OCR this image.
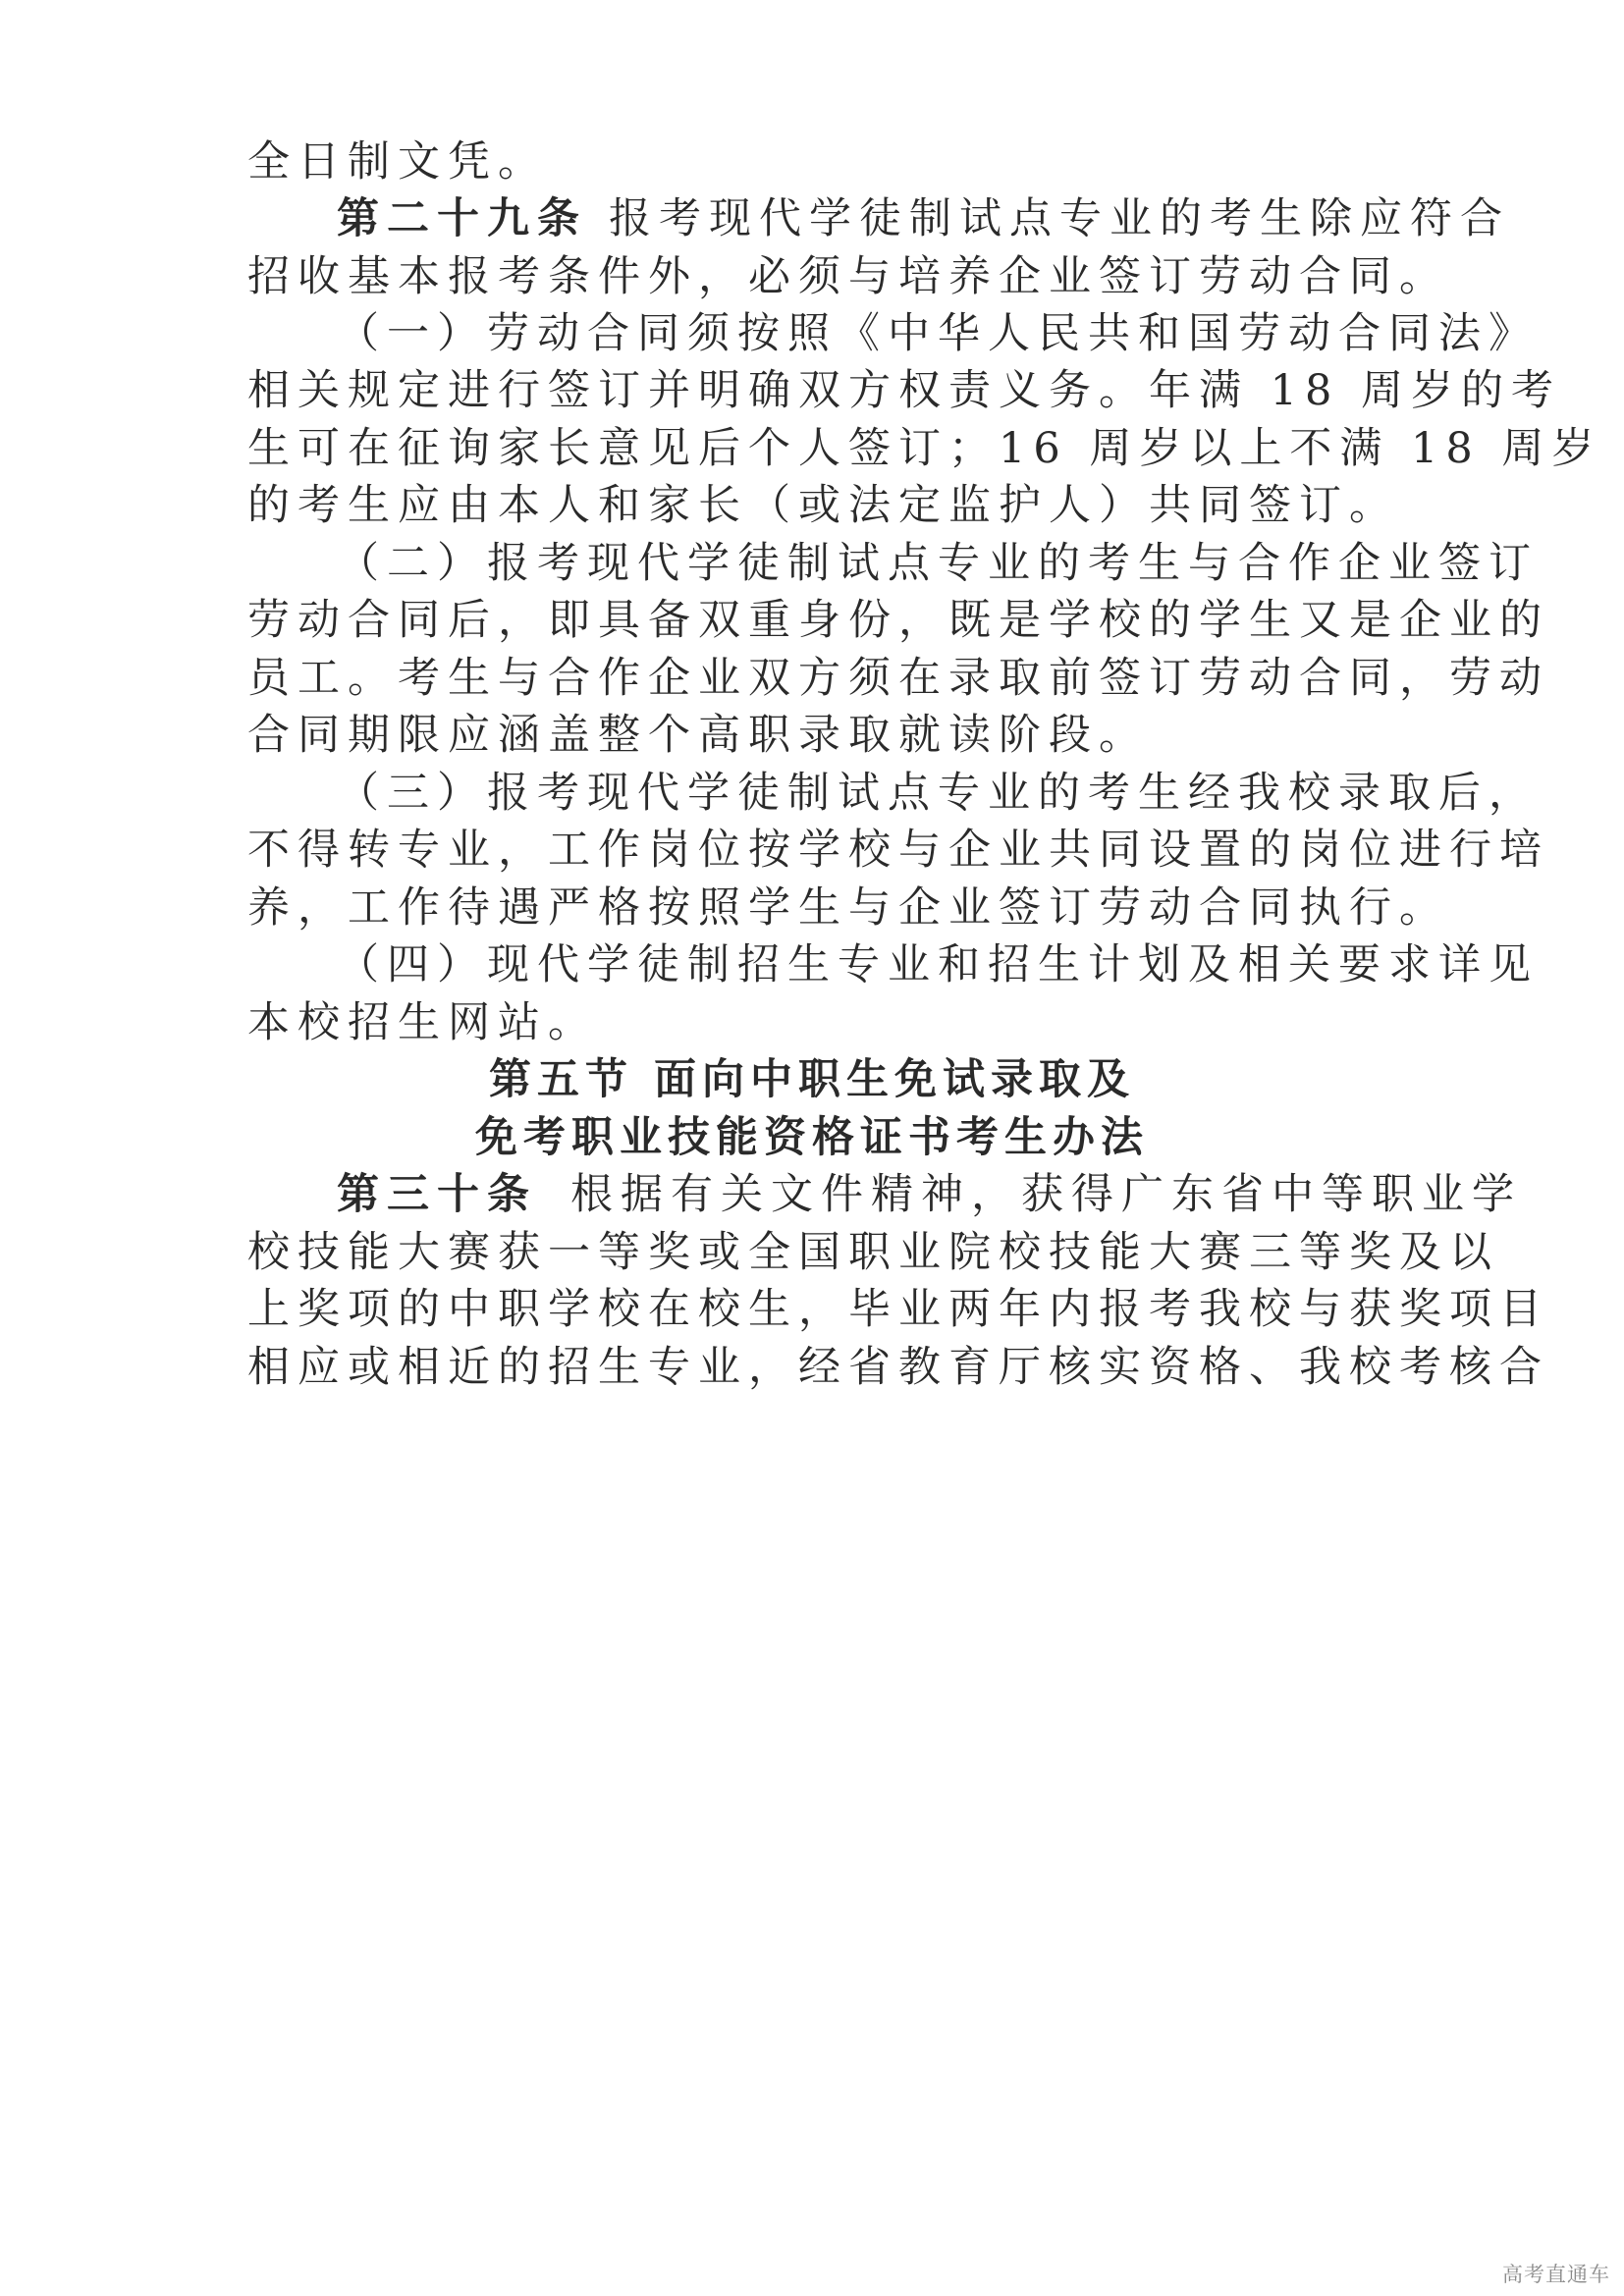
全日制文凭。
第二十九条 报考现代学徒制试点专业的考生除应符合
招收基本报考条件外，必须与培养企业签订劳动合同。
（一）劳动合同须按照《中华人民共和国劳动合同法》
相关规定进行签订并明确双方权责义务。年满 18 周岁的考
生可在征询家长意见后个人签订；16 周岁以上不满 18 周岁
的考生应由本人和家长（或法定监护人）共同签订。
（二）报考现代学徒制试点专业的考生与合作企业签订
劳动合同后，即具备双重身份，既是学校的学生又是企业的
员工。考生与合作企业双方须在录取前签订劳动合同，劳动
合同期限应涵盖整个高职录取就读阶段。
（三）报考现代学徒制试点专业的考生经我校录取后，
不得转专业，工作岗位按学校与企业共同设置的岗位进行培
养，工作待遇严格按照学生与企业签订劳动合同执行。
（四）现代学徒制招生专业和招生计划及相关要求详见
本校招生网站。
第五节 面向中职生免试录取及
免考职业技能资格证书考生办法
第三十条 根据有关文件精神，获得广东省中等职业学
校技能大赛获一等奖或全国职业院校技能大赛三等奖及以
上奖项的中职学校在校生，毕业两年内报考我校与获奖项目
相应或相近的招生专业，经省教育厅核实资格、我校考核合
高考直通车
